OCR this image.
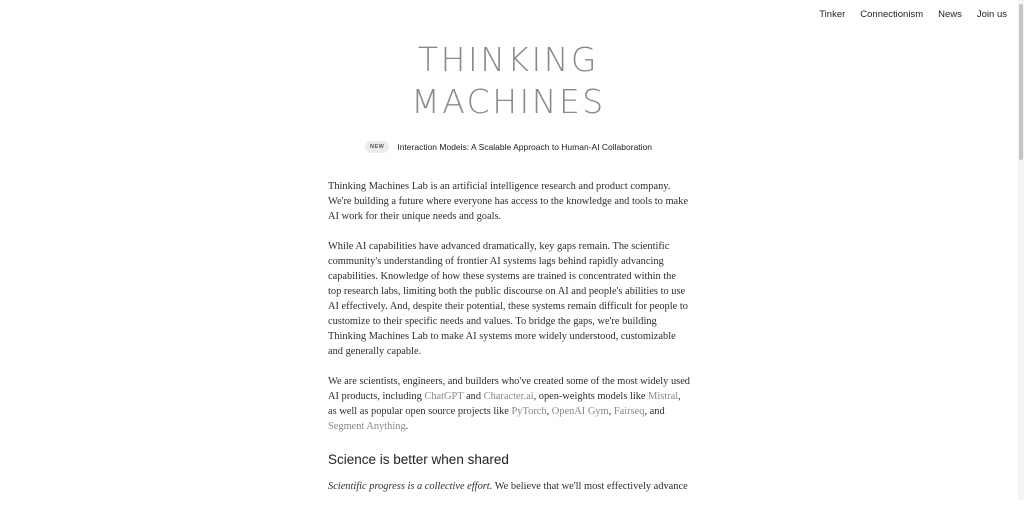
Tinker Connectionism News Join us
THINKING
MACHINES
NEW	Interaction Models: A Scalable Approach to Human-AI Collaboration

Thinking Machines Lab is an artificial intelligence research and product company. We're building a future where everyone has access to the knowledge and tools to make AI work for their unique needs and goals.

While AI capabilities have advanced dramatically, key gaps remain. The scientific community's understanding of frontier AI systems lags behind rapidly advancing capabilities. Knowledge of how these systems are trained is concentrated within the top research labs, limiting both the public discourse on AI and people's abilities to use AI effectively. And, despite their potential, these systems remain difficult for people to customize to their specific needs and values. To bridge the gaps, we're building Thinking Machines Lab to make AI systems more widely understood, customizable and generally capable.

We are scientists, engineers, and builders who've created some of the most widely used AI products, including ChatGPT and Character.ai, open-weights models like Mistral, as well as popular open source projects like PyTorch, OpenAI Gym, Fairseq, and Segment Anything.

Science is better when shared

Scientific progress is a collective effort. We believe that we'll most effectively advance
